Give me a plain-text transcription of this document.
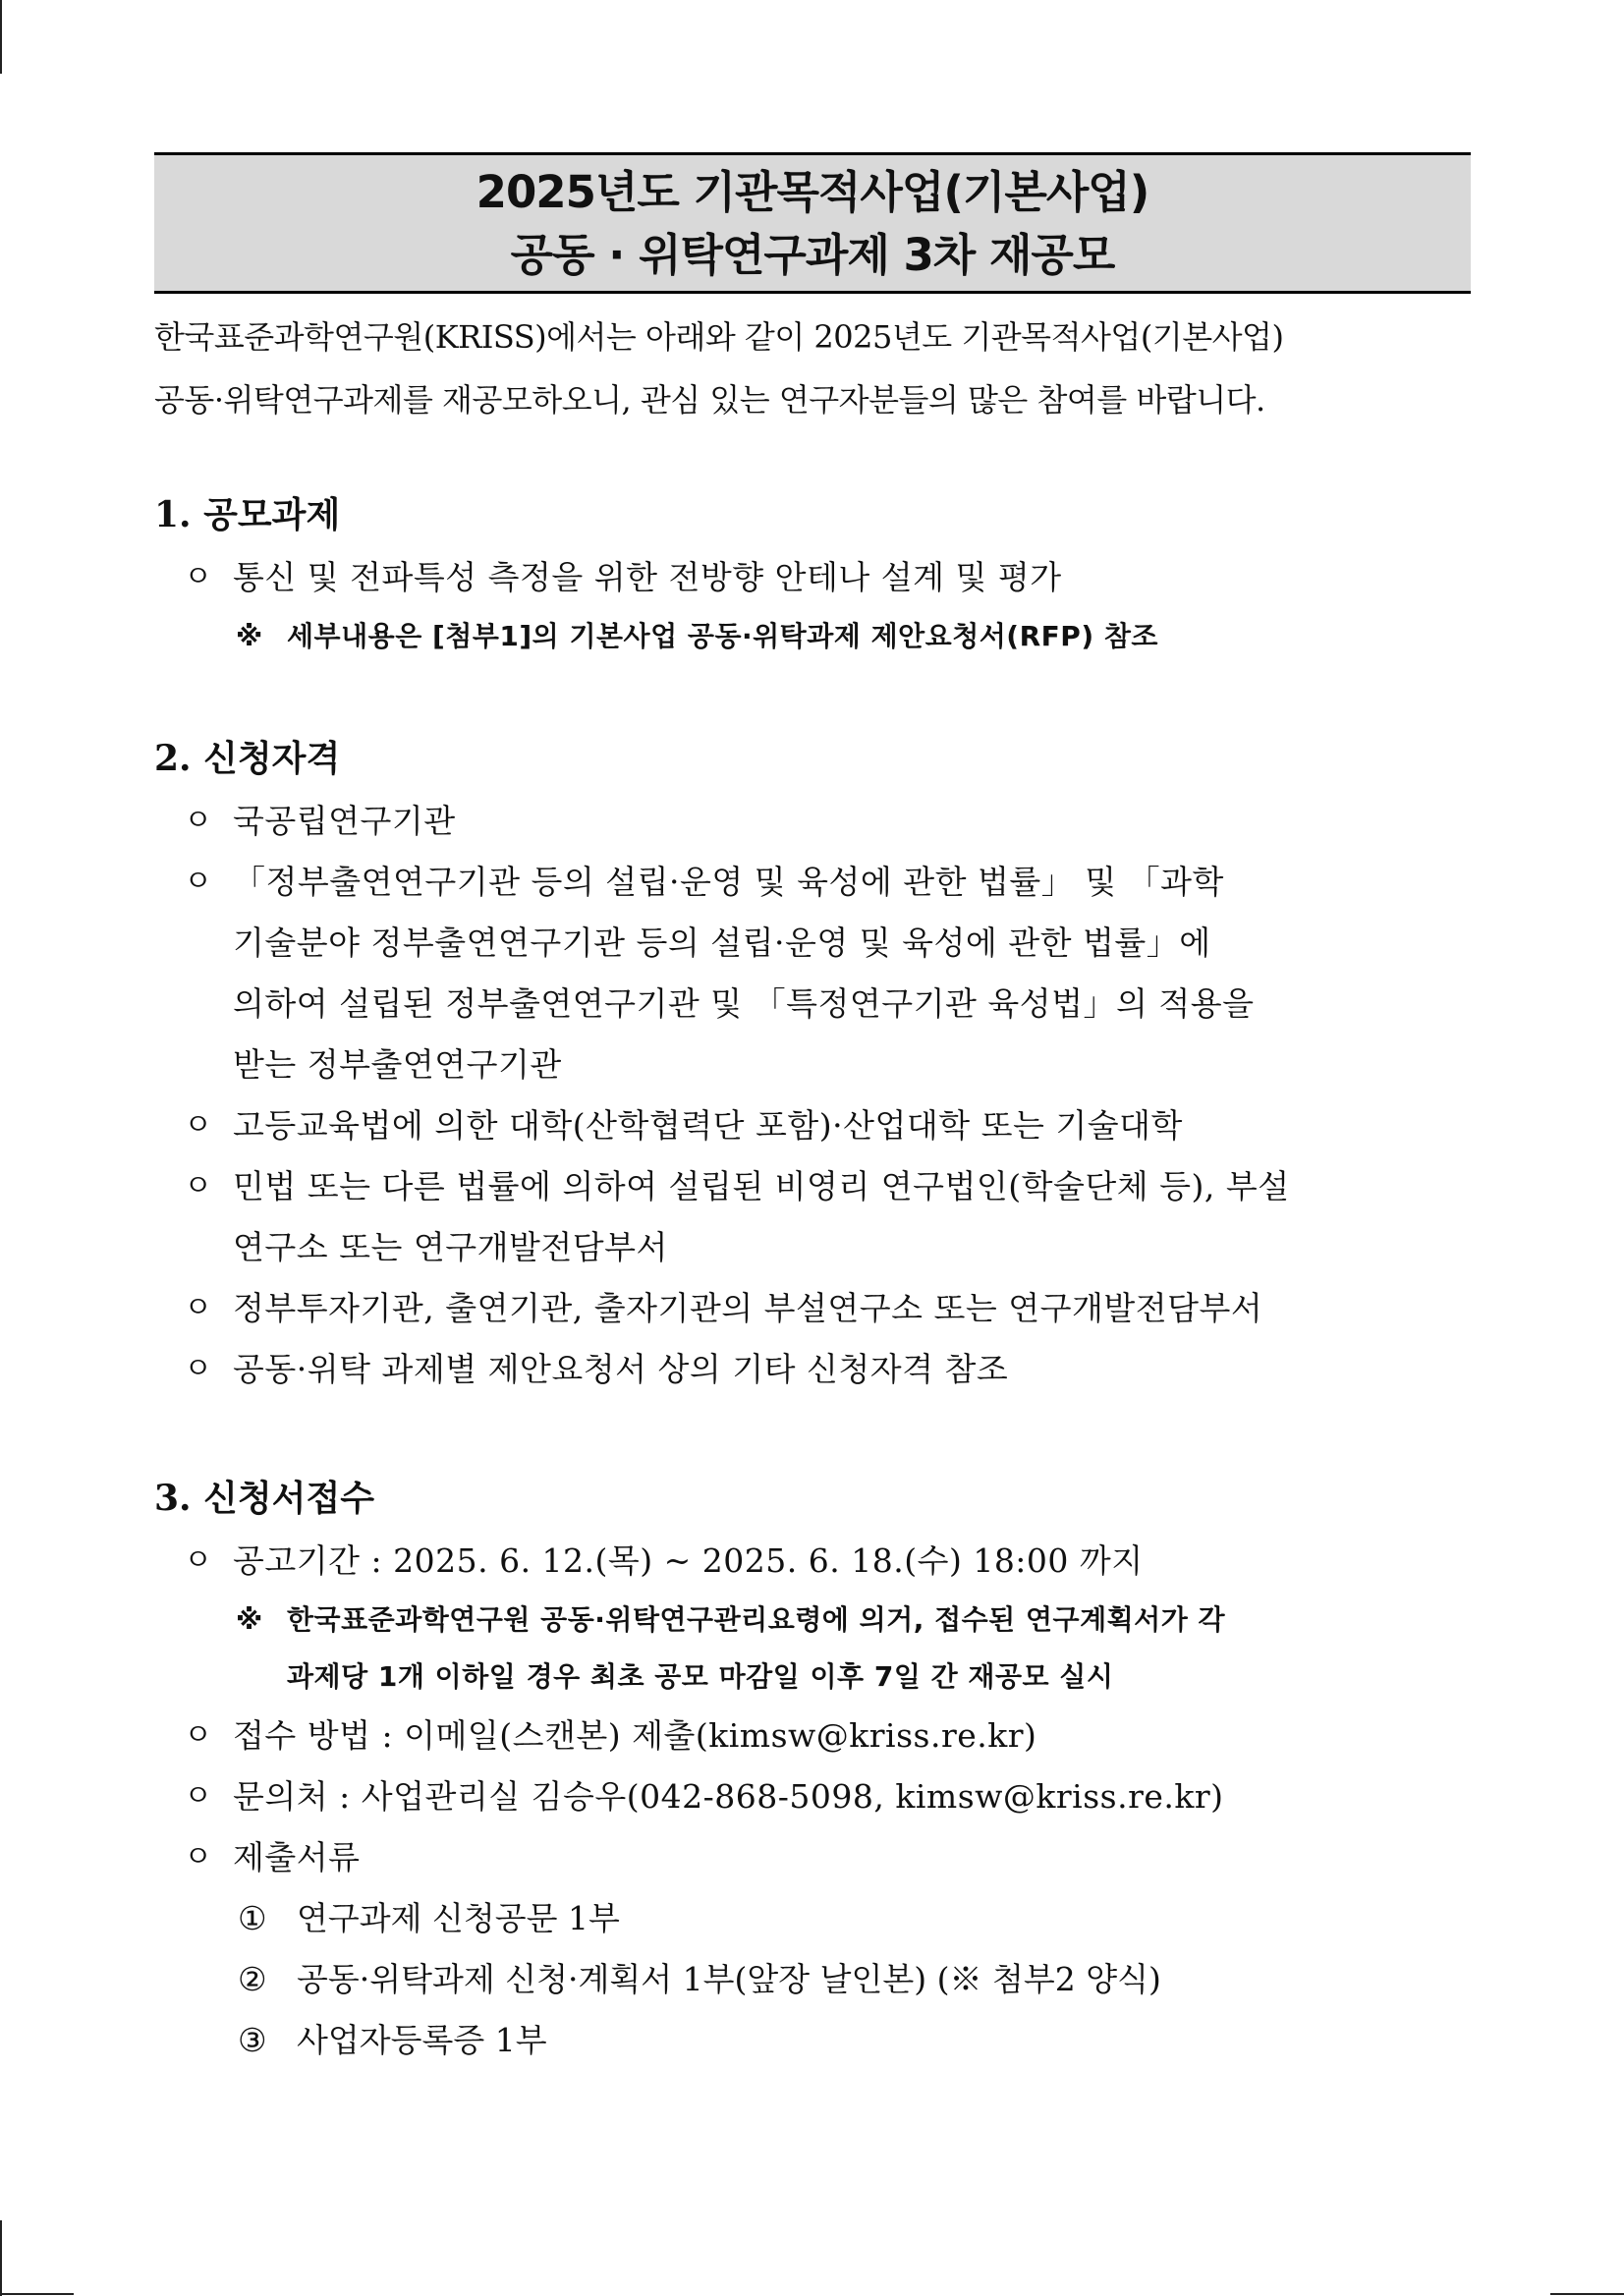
2025년도 기관목적사업(기본사업)
공동 · 위탁연구과제 3차 재공모
한국표준과학연구원(KRISS)에서는 아래와 같이 2025년도 기관목적사업(기본사업)
공동·위탁연구과제를 재공모하오니, 관심 있는 연구자분들의 많은 참여를 바랍니다.
1. 공모과제
ㅇ 통신 및 전파특성 측정을 위한 전방향 안테나 설계 및 평가
※ 세부내용은 [첨부1]의 기본사업 공동·위탁과제 제안요청서(RFP) 참조
2. 신청자격
ㅇ 국공립연구기관
ㅇ 「정부출연연구기관 등의 설립·운영 및 육성에 관한 법률」 및 「과학
기술분야 정부출연연구기관 등의 설립·운영 및 육성에 관한 법률」에
의하여 설립된 정부출연연구기관 및 「특정연구기관 육성법」의 적용을
받는 정부출연연구기관
ㅇ 고등교육법에 의한 대학(산학협력단 포함)·산업대학 또는 기술대학
ㅇ 민법 또는 다른 법률에 의하여 설립된 비영리 연구법인(학술단체 등), 부설
연구소 또는 연구개발전담부서
ㅇ 정부투자기관, 출연기관, 출자기관의 부설연구소 또는 연구개발전담부서
ㅇ 공동·위탁 과제별 제안요청서 상의 기타 신청자격 참조
3. 신청서접수
ㅇ 공고기간 : 2025. 6. 12.(목) ~ 2025. 6. 18.(수) 18:00 까지
※ 한국표준과학연구원 공동·위탁연구관리요령에 의거, 접수된 연구계획서가 각
과제당 1개 이하일 경우 최초 공모 마감일 이후 7일 간 재공모 실시
ㅇ 접수 방법 : 이메일(스캔본) 제출(kimsw@kriss.re.kr)
ㅇ 문의처 : 사업관리실 김승우(042-868-5098, kimsw@kriss.re.kr)
ㅇ 제출서류
① 연구과제 신청공문 1부
② 공동·위탁과제 신청·계획서 1부(앞장 날인본) (※ 첨부2 양식)
③ 사업자등록증 1부
